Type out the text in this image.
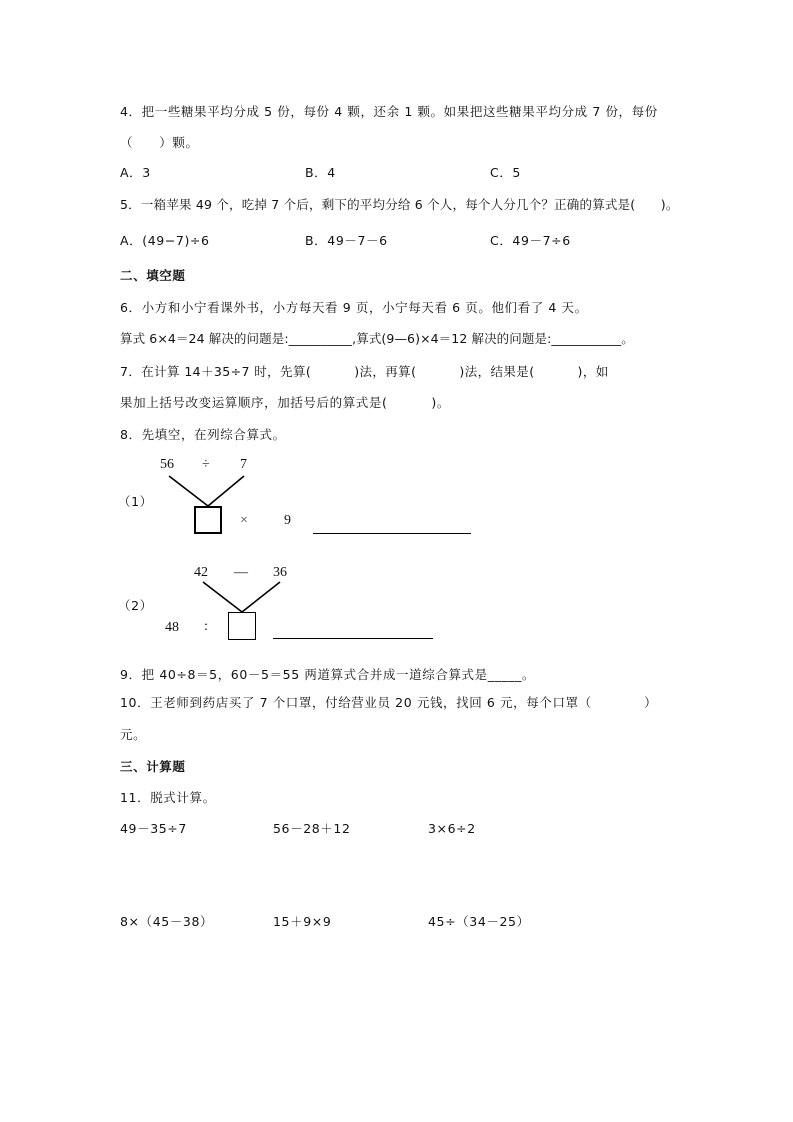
4．把一些糖果平均分成 5 份，每份 4 颗，还余 1 颗。如果把这些糖果平均分成 7 份，每份
（　　）颗。
A．3	B．4	C．5
5．一箱苹果 49 个，吃掉 7 个后，剩下的平均分给 6 个人，每个人分几个？正确的算式是(　　)。
A．(49−7)÷6	B．49－7－6	C．49－7÷6
二、填空题
6．小方和小宁看课外书，小方每天看 9 页，小宁每天看 6 页。他们看了 4 天。
算式 6×4＝24 解决的问题是:__________,算式(9—6)×4＝12 解决的问题是:___________。
7．在计算 14＋35÷7 时，先算(　　　 )法，再算(　　　 )法，结果是(　　　 )，如
果加上括号改变运算顺序，加括号后的算式是(　　　 )。
8．先填空，在列综合算式。
56 ÷ 7
（1）
×	9
42 — 36
（2）
48 :
9．把 40÷8＝5，60－5＝55 两道算式合并成一道综合算式是_____。
10．王老师到药店买了 7 个口罩，付给营业员 20 元钱，找回 6 元，每个口罩（　　　　）
元。
三、计算题
11．脱式计算。
49－35÷7	56－28＋12	3×6÷2
8×（45－38）	15＋9×9	45÷（34－25）
